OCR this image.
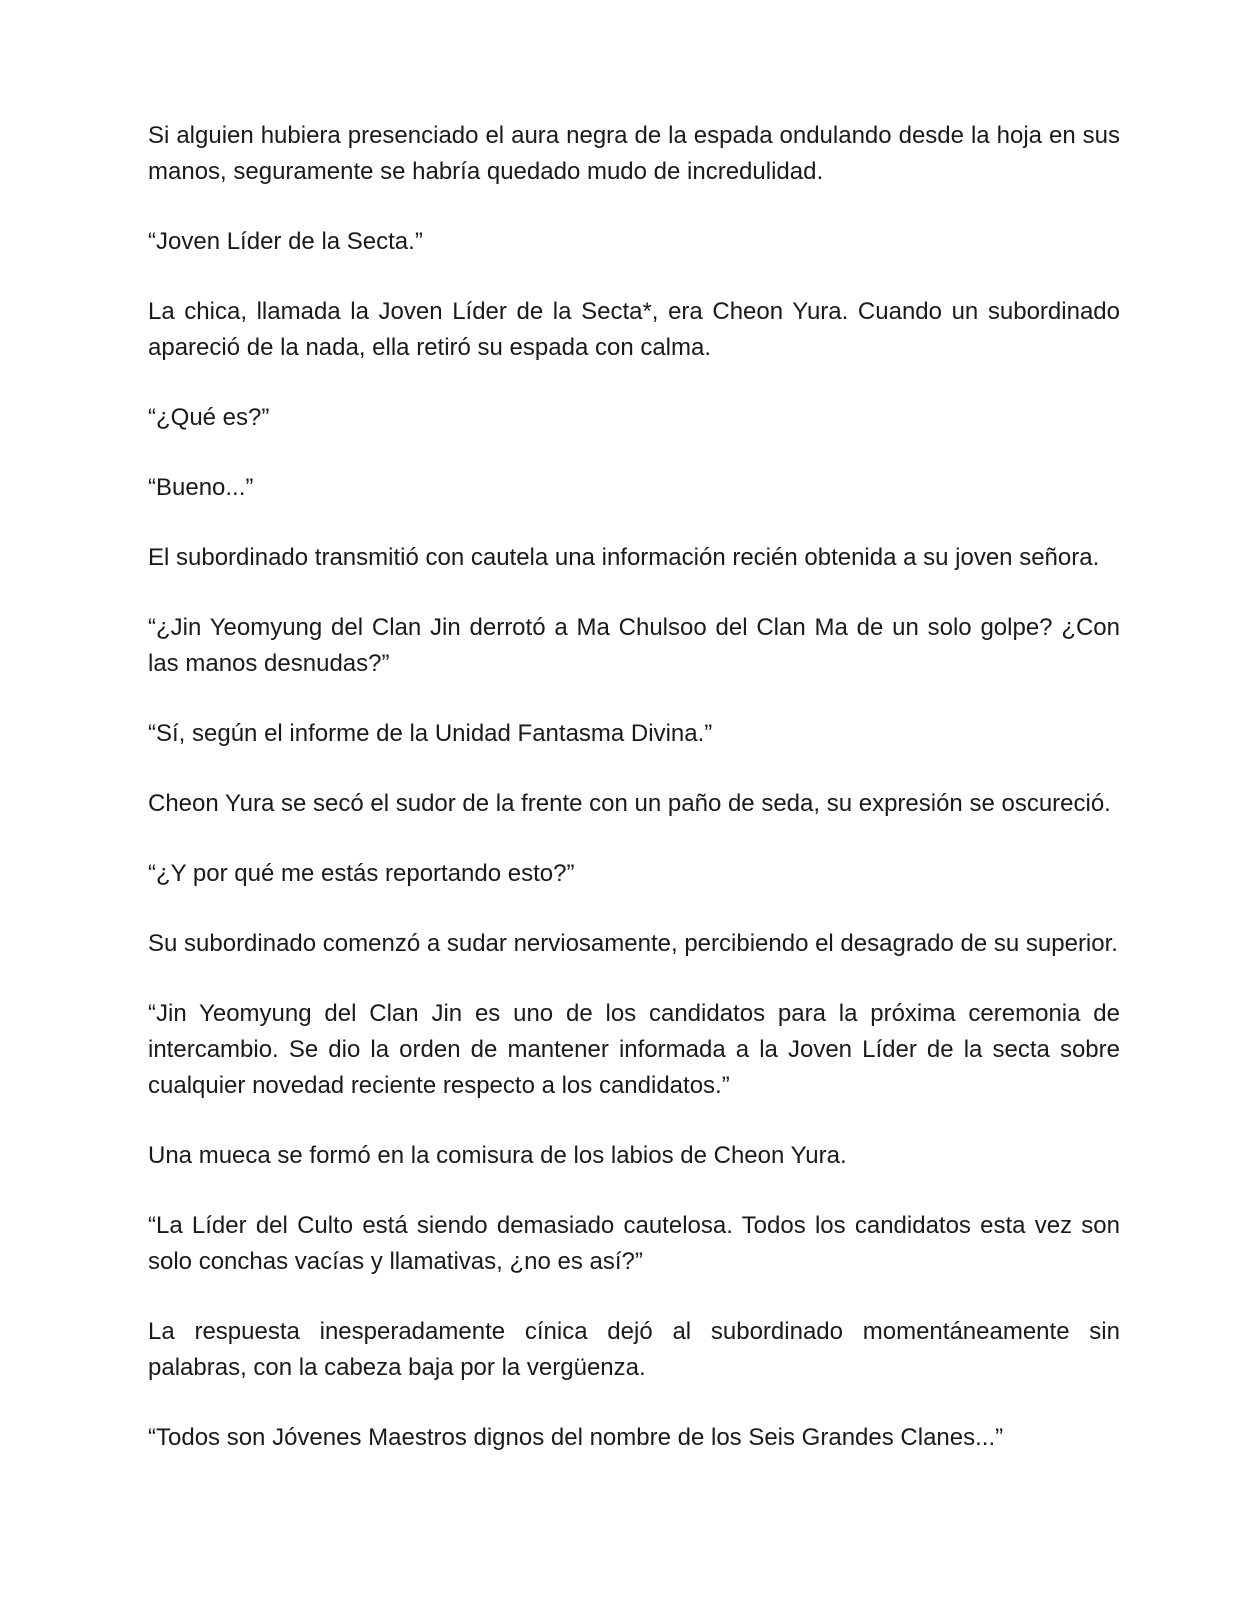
Si alguien hubiera presenciado el aura negra de la espada ondulando desde la hoja en sus manos, seguramente se habría quedado mudo de incredulidad.

“Joven Líder de la Secta.”

La chica, llamada la Joven Líder de la Secta*, era Cheon Yura. Cuando un subordinado apareció de la nada, ella retiró su espada con calma.

“¿Qué es?”

“Bueno...”

El subordinado transmitió con cautela una información recién obtenida a su joven señora.

“¿Jin Yeomyung del Clan Jin derrotó a Ma Chulsoo del Clan Ma de un solo golpe? ¿Con las manos desnudas?”

“Sí, según el informe de la Unidad Fantasma Divina.”

Cheon Yura se secó el sudor de la frente con un paño de seda, su expresión se oscureció.

“¿Y por qué me estás reportando esto?”

Su subordinado comenzó a sudar nerviosamente, percibiendo el desagrado de su superior.

“Jin Yeomyung del Clan Jin es uno de los candidatos para la próxima ceremonia de intercambio. Se dio la orden de mantener informada a la Joven Líder de la secta sobre cualquier novedad reciente respecto a los candidatos.”

Una mueca se formó en la comisura de los labios de Cheon Yura.

“La Líder del Culto está siendo demasiado cautelosa. Todos los candidatos esta vez son solo conchas vacías y llamativas, ¿no es así?”

La respuesta inesperadamente cínica dejó al subordinado momentáneamente sin palabras, con la cabeza baja por la vergüenza.

“Todos son Jóvenes Maestros dignos del nombre de los Seis Grandes Clanes...”
